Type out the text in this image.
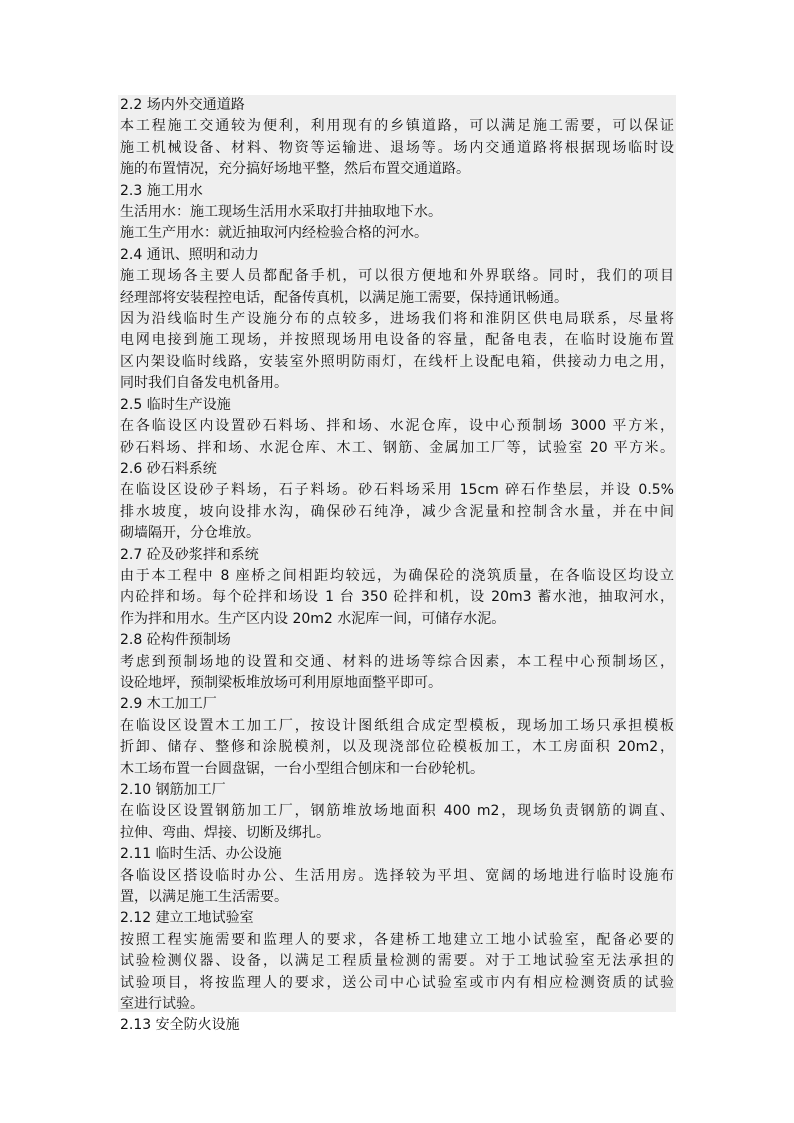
2.2 场内外交通道路
本工程施工交通较为便利，利用现有的乡镇道路，可以满足施工需要，可以保证
施工机械设备、材料、物资等运输进、退场等。场内交通道路将根据现场临时设
施的布置情况，充分搞好场地平整，然后布置交通道路。
2.3 施工用水
生活用水：施工现场生活用水采取打井抽取地下水。
施工生产用水：就近抽取河内经检验合格的河水。
2.4 通讯、照明和动力
施工现场各主要人员都配备手机，可以很方便地和外界联络。同时，我们的项目
经理部将安装程控电话，配备传真机，以满足施工需要，保持通讯畅通。
因为沿线临时生产设施分布的点较多，进场我们将和淮阴区供电局联系，尽量将
电网电接到施工现场，并按照现场用电设备的容量，配备电表，在临时设施布置
区内架设临时线路，安装室外照明防雨灯，在线杆上设配电箱，供接动力电之用，
同时我们自备发电机备用。
2.5 临时生产设施
在各临设区内设置砂石料场、拌和场、水泥仓库，设中心预制场 3000 平方米，
砂石料场、拌和场、水泥仓库、木工、钢筋、金属加工厂等，试验室 20 平方米。
2.6 砂石料系统
在临设区设砂子料场，石子料场。砂石料场采用 15cm 碎石作垫层，并设 0.5%
排水坡度，坡向设排水沟，确保砂石纯净，减少含泥量和控制含水量，并在中间
砌墙隔开，分仓堆放。
2.7 砼及砂浆拌和系统
由于本工程中 8 座桥之间相距均较远，为确保砼的浇筑质量，在各临设区均设立
内砼拌和场。每个砼拌和场设 1 台 350 砼拌和机，设 20m3 蓄水池，抽取河水，
作为拌和用水。生产区内设 20m2 水泥库一间，可储存水泥。
2.8 砼构件预制场
考虑到预制场地的设置和交通、材料的进场等综合因素，本工程中心预制场区，
设砼地坪，预制梁板堆放场可利用原地面整平即可。
2.9 木工加工厂
在临设区设置木工加工厂，按设计图纸组合成定型模板，现场加工场只承担模板
折卸、储存、整修和涂脱模剂，以及现浇部位砼模板加工，木工房面积 20m2，
木工场布置一台圆盘锯，一台小型组合刨床和一台砂轮机。
2.10 钢筋加工厂
在临设区设置钢筋加工厂，钢筋堆放场地面积 400 m2，现场负责钢筋的调直、
拉伸、弯曲、焊接、切断及绑扎。
2.11 临时生活、办公设施
各临设区搭设临时办公、生活用房。选择较为平坦、宽阔的场地进行临时设施布
置，以满足施工生活需要。
2.12 建立工地试验室
按照工程实施需要和监理人的要求，各建桥工地建立工地小试验室，配备必要的
试验检测仪器、设备，以满足工程质量检测的需要。对于工地试验室无法承担的
试验项目，将按监理人的要求，送公司中心试验室或市内有相应检测资质的试验
室进行试验。
2.13 安全防火设施
